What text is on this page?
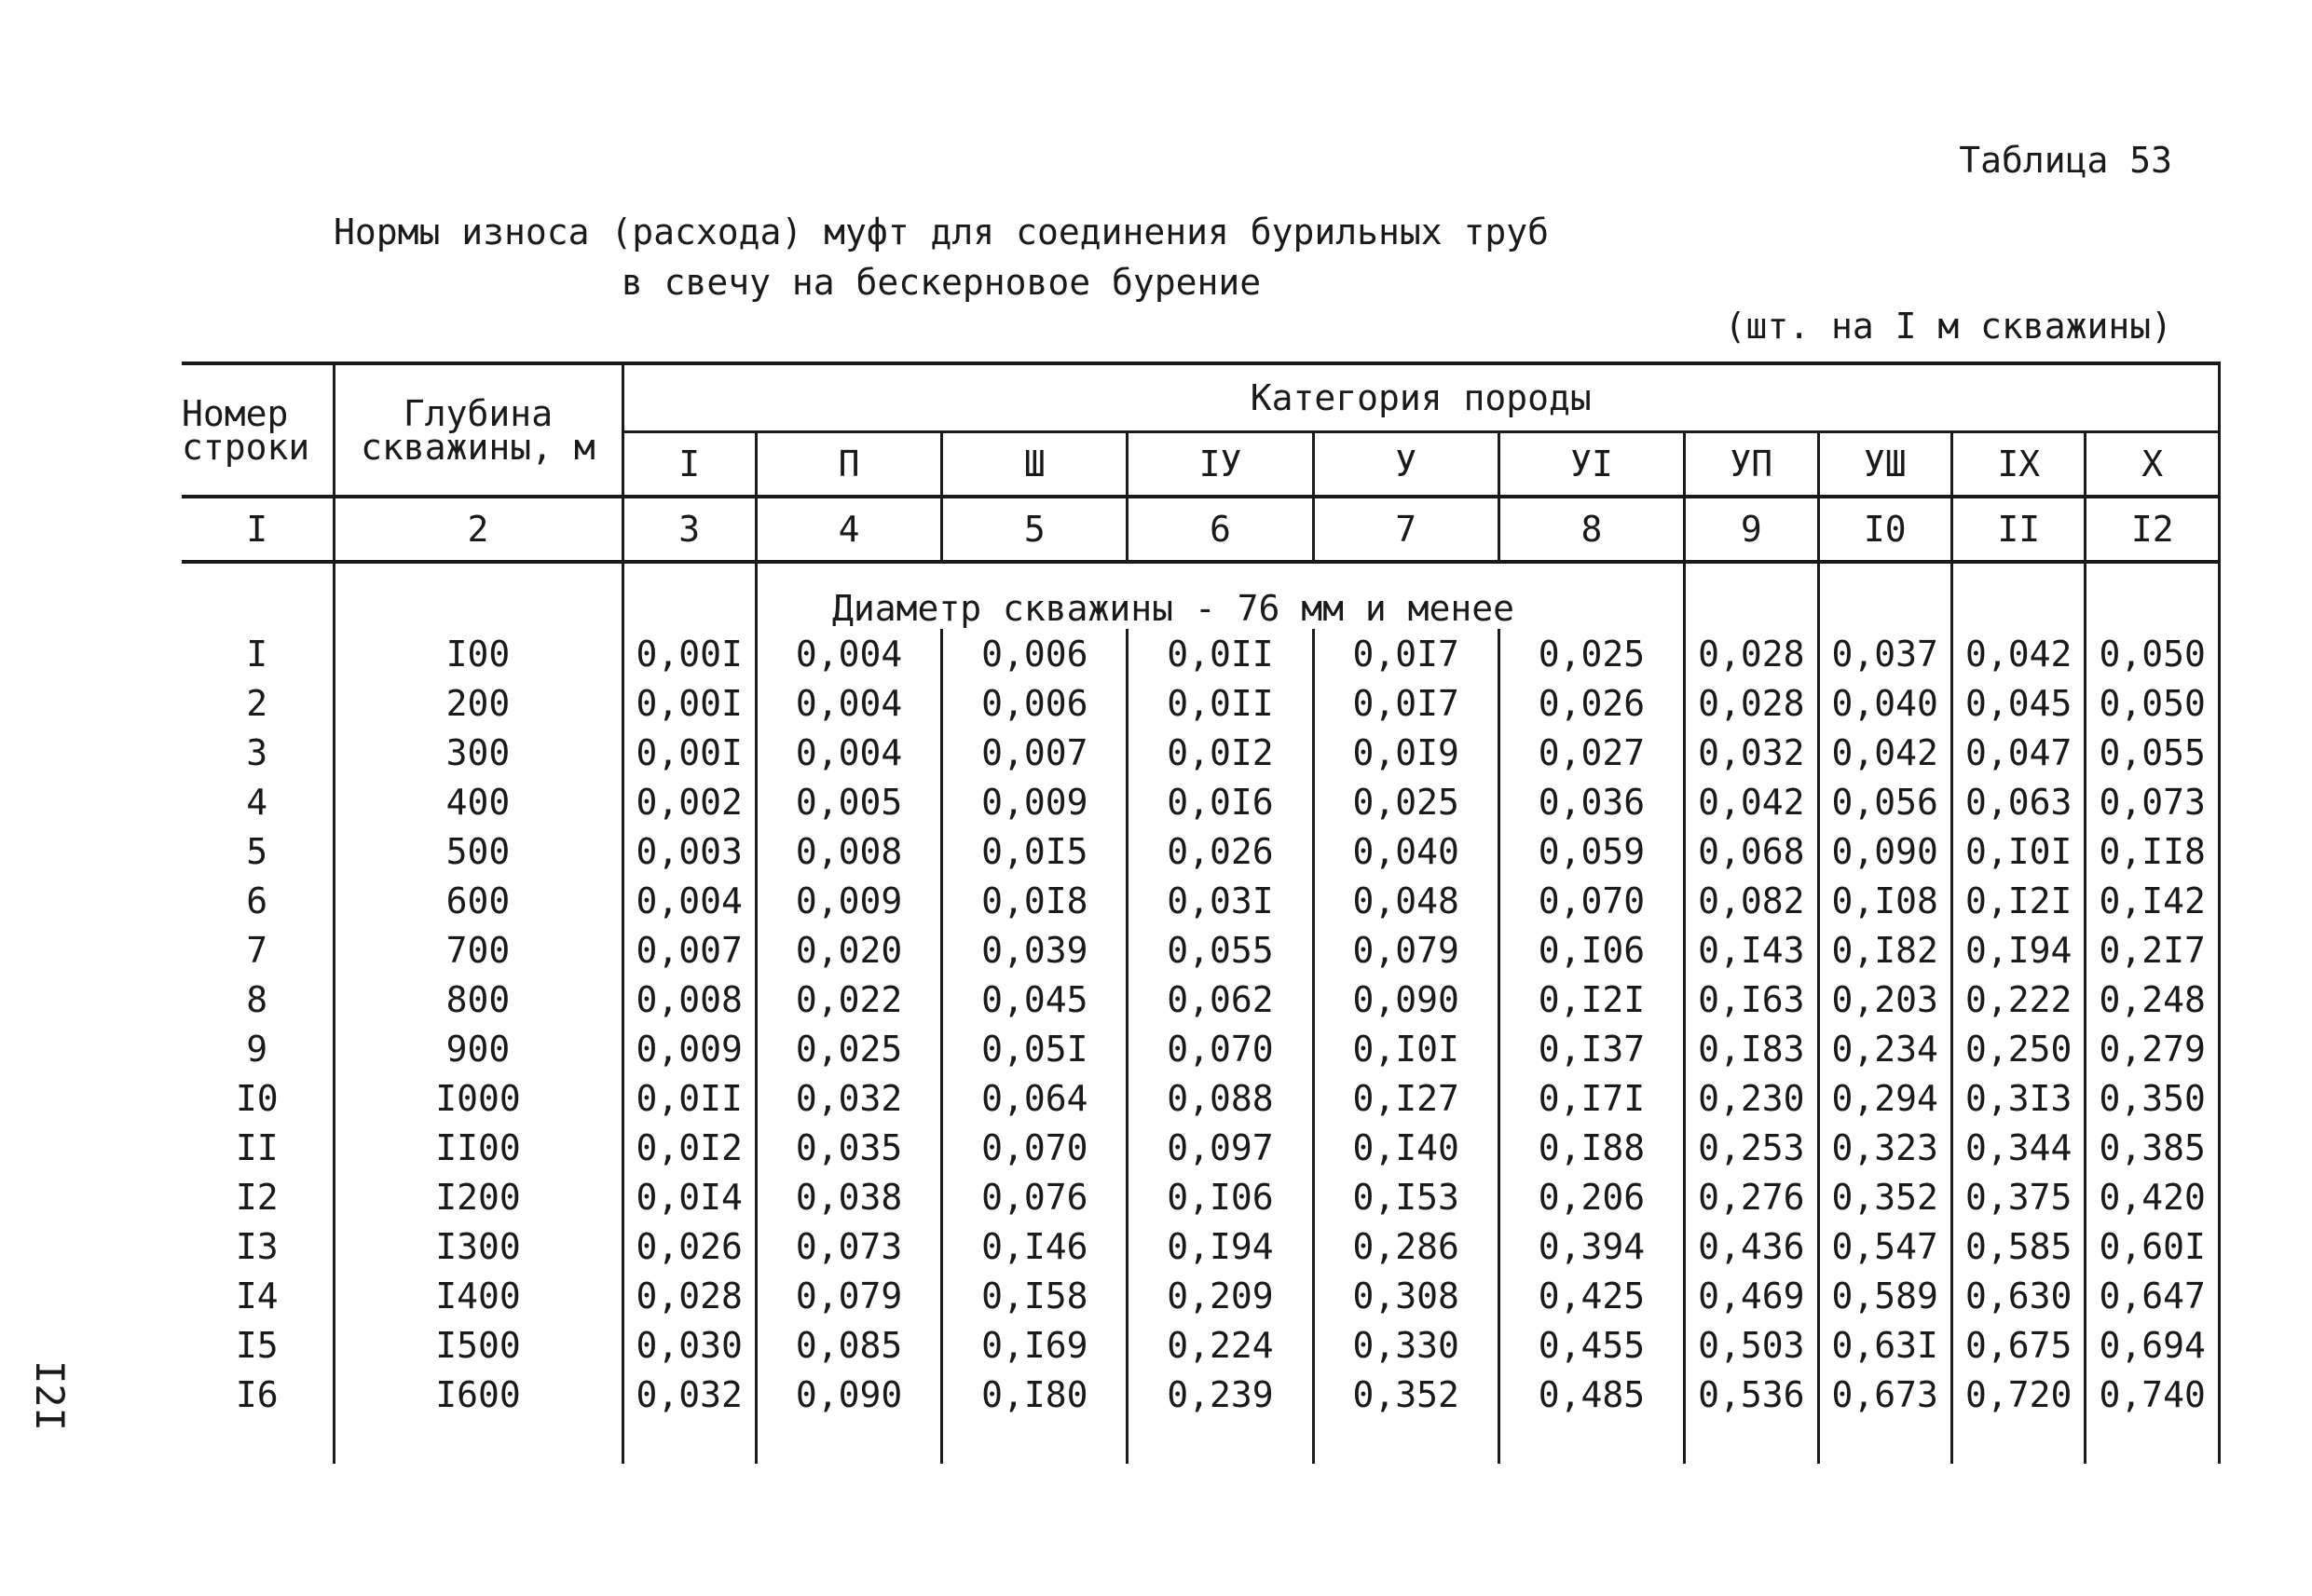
Таблица 53
Нормы износа (расхода) муфт для соединения бурильных труб
в свечу на бескерновое бурение
(шт. на I м скважины)
I2I
Номер строки	Глубина скважины, м	Категория породы									
		I	П	Ш	IУ	У	УI	УП	УШ	IX	X
I	2	3	4	5	6	7	8	9	I0	II	I2
			Диаметр скважины - 76 мм и менее								
I	I00	0,00I	0,004	0,006	0,0II	0,0I7	0,025	0,028	0,037	0,042	0,050
2	200	0,00I	0,004	0,006	0,0II	0,0I7	0,026	0,028	0,040	0,045	0,050
3	300	0,00I	0,004	0,007	0,0I2	0,0I9	0,027	0,032	0,042	0,047	0,055
4	400	0,002	0,005	0,009	0,0I6	0,025	0,036	0,042	0,056	0,063	0,073
5	500	0,003	0,008	0,0I5	0,026	0,040	0,059	0,068	0,090	0,I0I	0,II8
6	600	0,004	0,009	0,0I8	0,03I	0,048	0,070	0,082	0,I08	0,I2I	0,I42
7	700	0,007	0,020	0,039	0,055	0,079	0,I06	0,I43	0,I82	0,I94	0,2I7
8	800	0,008	0,022	0,045	0,062	0,090	0,I2I	0,I63	0,203	0,222	0,248
9	900	0,009	0,025	0,05I	0,070	0,I0I	0,I37	0,I83	0,234	0,250	0,279
I0	I000	0,0II	0,032	0,064	0,088	0,I27	0,I7I	0,230	0,294	0,3I3	0,350
II	II00	0,0I2	0,035	0,070	0,097	0,I40	0,I88	0,253	0,323	0,344	0,385
I2	I200	0,0I4	0,038	0,076	0,I06	0,I53	0,206	0,276	0,352	0,375	0,420
I3	I300	0,026	0,073	0,I46	0,I94	0,286	0,394	0,436	0,547	0,585	0,60I
I4	I400	0,028	0,079	0,I58	0,209	0,308	0,425	0,469	0,589	0,630	0,647
I5	I500	0,030	0,085	0,I69	0,224	0,330	0,455	0,503	0,63I	0,675	0,694
I6	I600	0,032	0,090	0,I80	0,239	0,352	0,485	0,536	0,673	0,720	0,740
